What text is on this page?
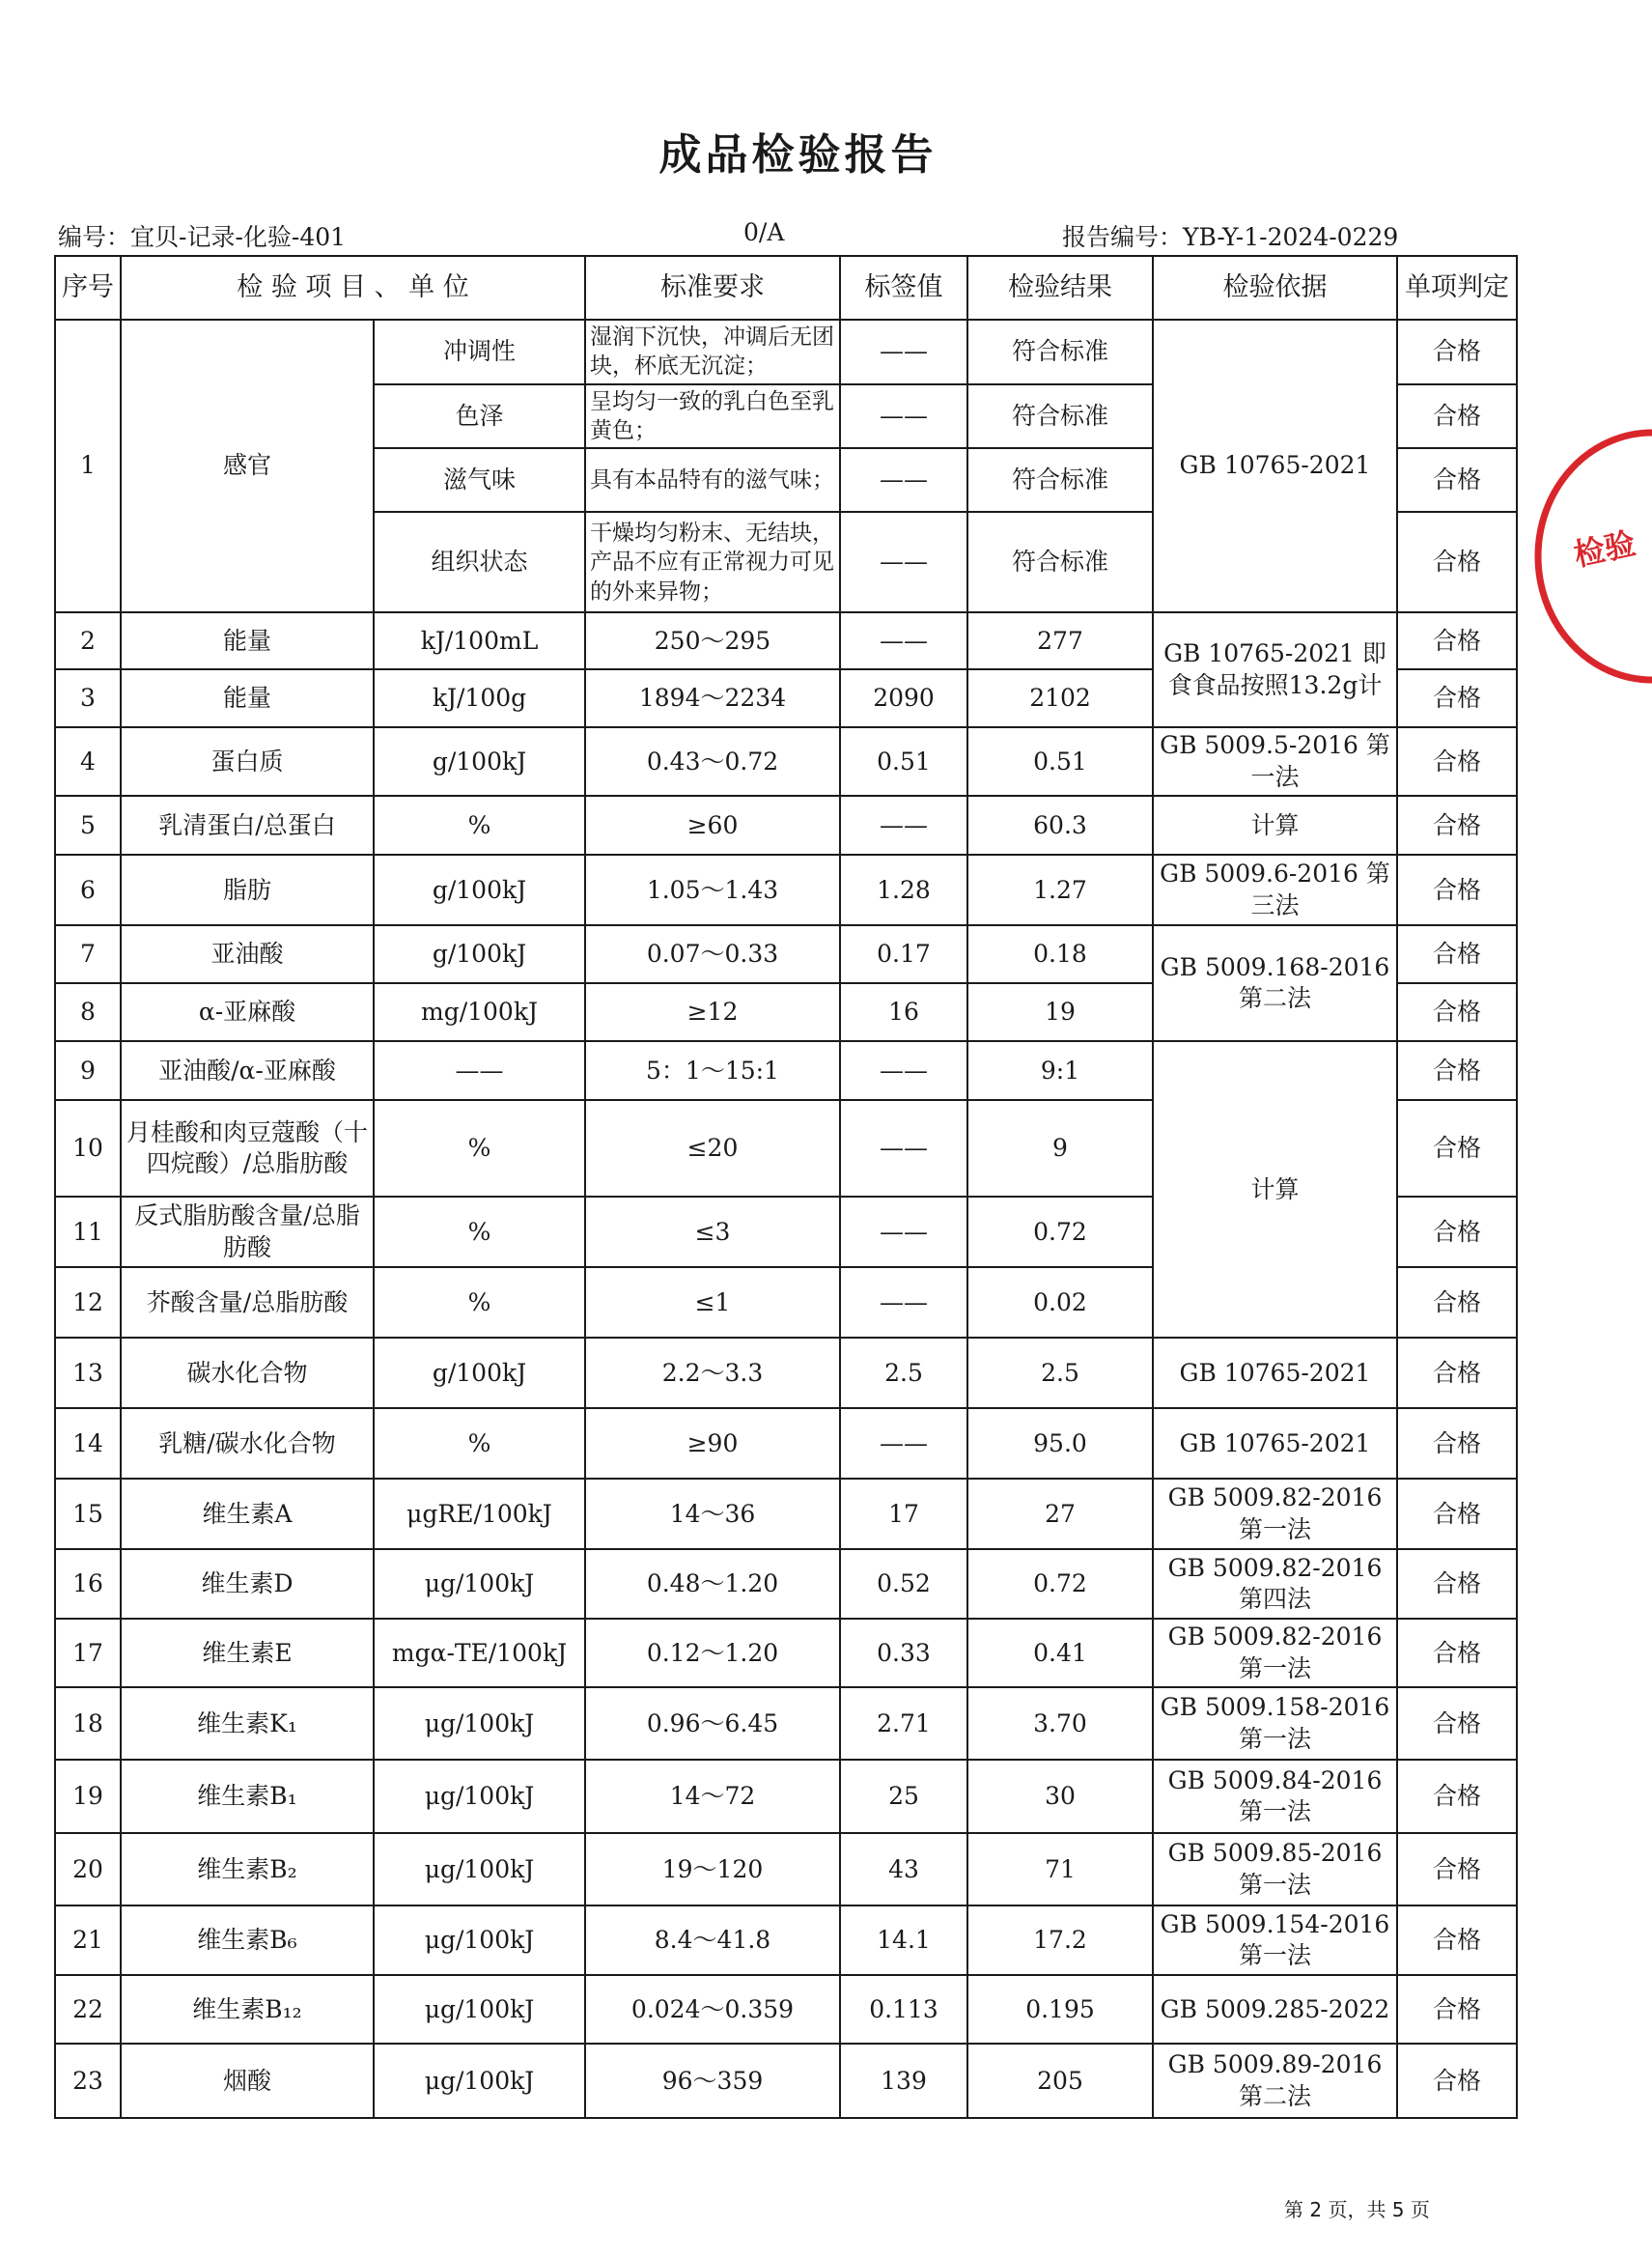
成品检验报告
编号：宜贝-记录-化验-401	0/A	报告编号：YB-Y-1-2024-0229
序号	检 验 项 目 、 单 位		标准要求	标签值	检验结果	检验依据	单项判定
1	感官	冲调性	湿润下沉快，冲调后无团块，杯底无沉淀；	——	符合标准	GB 10765-2021	合格
		色泽	呈均匀一致的乳白色至乳黄色；	——	符合标准		合格
		滋气味	具有本品特有的滋气味；	——	符合标准		合格
		组织状态	干燥均匀粉末、无结块，产品不应有正常视力可见的外来异物；	——	符合标准		合格
2	能量	kJ/100mL	250～295	——	277	GB 10765-2021 即食食品按照13.2g计	合格
3	能量	kJ/100g	1894～2234	2090	2102		合格
4	蛋白质	g/100kJ	0.43～0.72	0.51	0.51	GB 5009.5-2016 第一法	合格
5	乳清蛋白/总蛋白	%	≥60	——	60.3	计算	合格
6	脂肪	g/100kJ	1.05～1.43	1.28	1.27	GB 5009.6-2016 第三法	合格
7	亚油酸	g/100kJ	0.07～0.33	0.17	0.18	GB 5009.168-2016 第二法	合格
8	α-亚麻酸	mg/100kJ	≥12	16	19		合格
9	亚油酸/α-亚麻酸	——	5：1～15:1	——	9:1	计算	合格
10	月桂酸和肉豆蔻酸（十四烷酸）/总脂肪酸	%	≤20	——	9		合格
11	反式脂肪酸含量/总脂肪酸	%	≤3	——	0.72		合格
12	芥酸含量/总脂肪酸	%	≤1	——	0.02		合格
13	碳水化合物	g/100kJ	2.2～3.3	2.5	2.5	GB 10765-2021	合格
14	乳糖/碳水化合物	%	≥90	——	95.0	GB 10765-2021	合格
15	维生素A	μgRE/100kJ	14～36	17	27	GB 5009.82-2016 第一法	合格
16	维生素D	μg/100kJ	0.48～1.20	0.52	0.72	GB 5009.82-2016 第四法	合格
17	维生素E	mgα-TE/100kJ	0.12～1.20	0.33	0.41	GB 5009.82-2016 第一法	合格
18	维生素K₁	μg/100kJ	0.96～6.45	2.71	3.70	GB 5009.158-2016 第一法	合格
19	维生素B₁	μg/100kJ	14～72	25	30	GB 5009.84-2016 第一法	合格
20	维生素B₂	μg/100kJ	19～120	43	71	GB 5009.85-2016 第一法	合格
21	维生素B₆	μg/100kJ	8.4～41.8	14.1	17.2	GB 5009.154-2016 第一法	合格
22	维生素B₁₂	μg/100kJ	0.024～0.359	0.113	0.195	GB 5009.285-2022	合格
23	烟酸	μg/100kJ	96～359	139	205	GB 5009.89-2016 第二法	合格
第 2 页，共 5 页
检验
